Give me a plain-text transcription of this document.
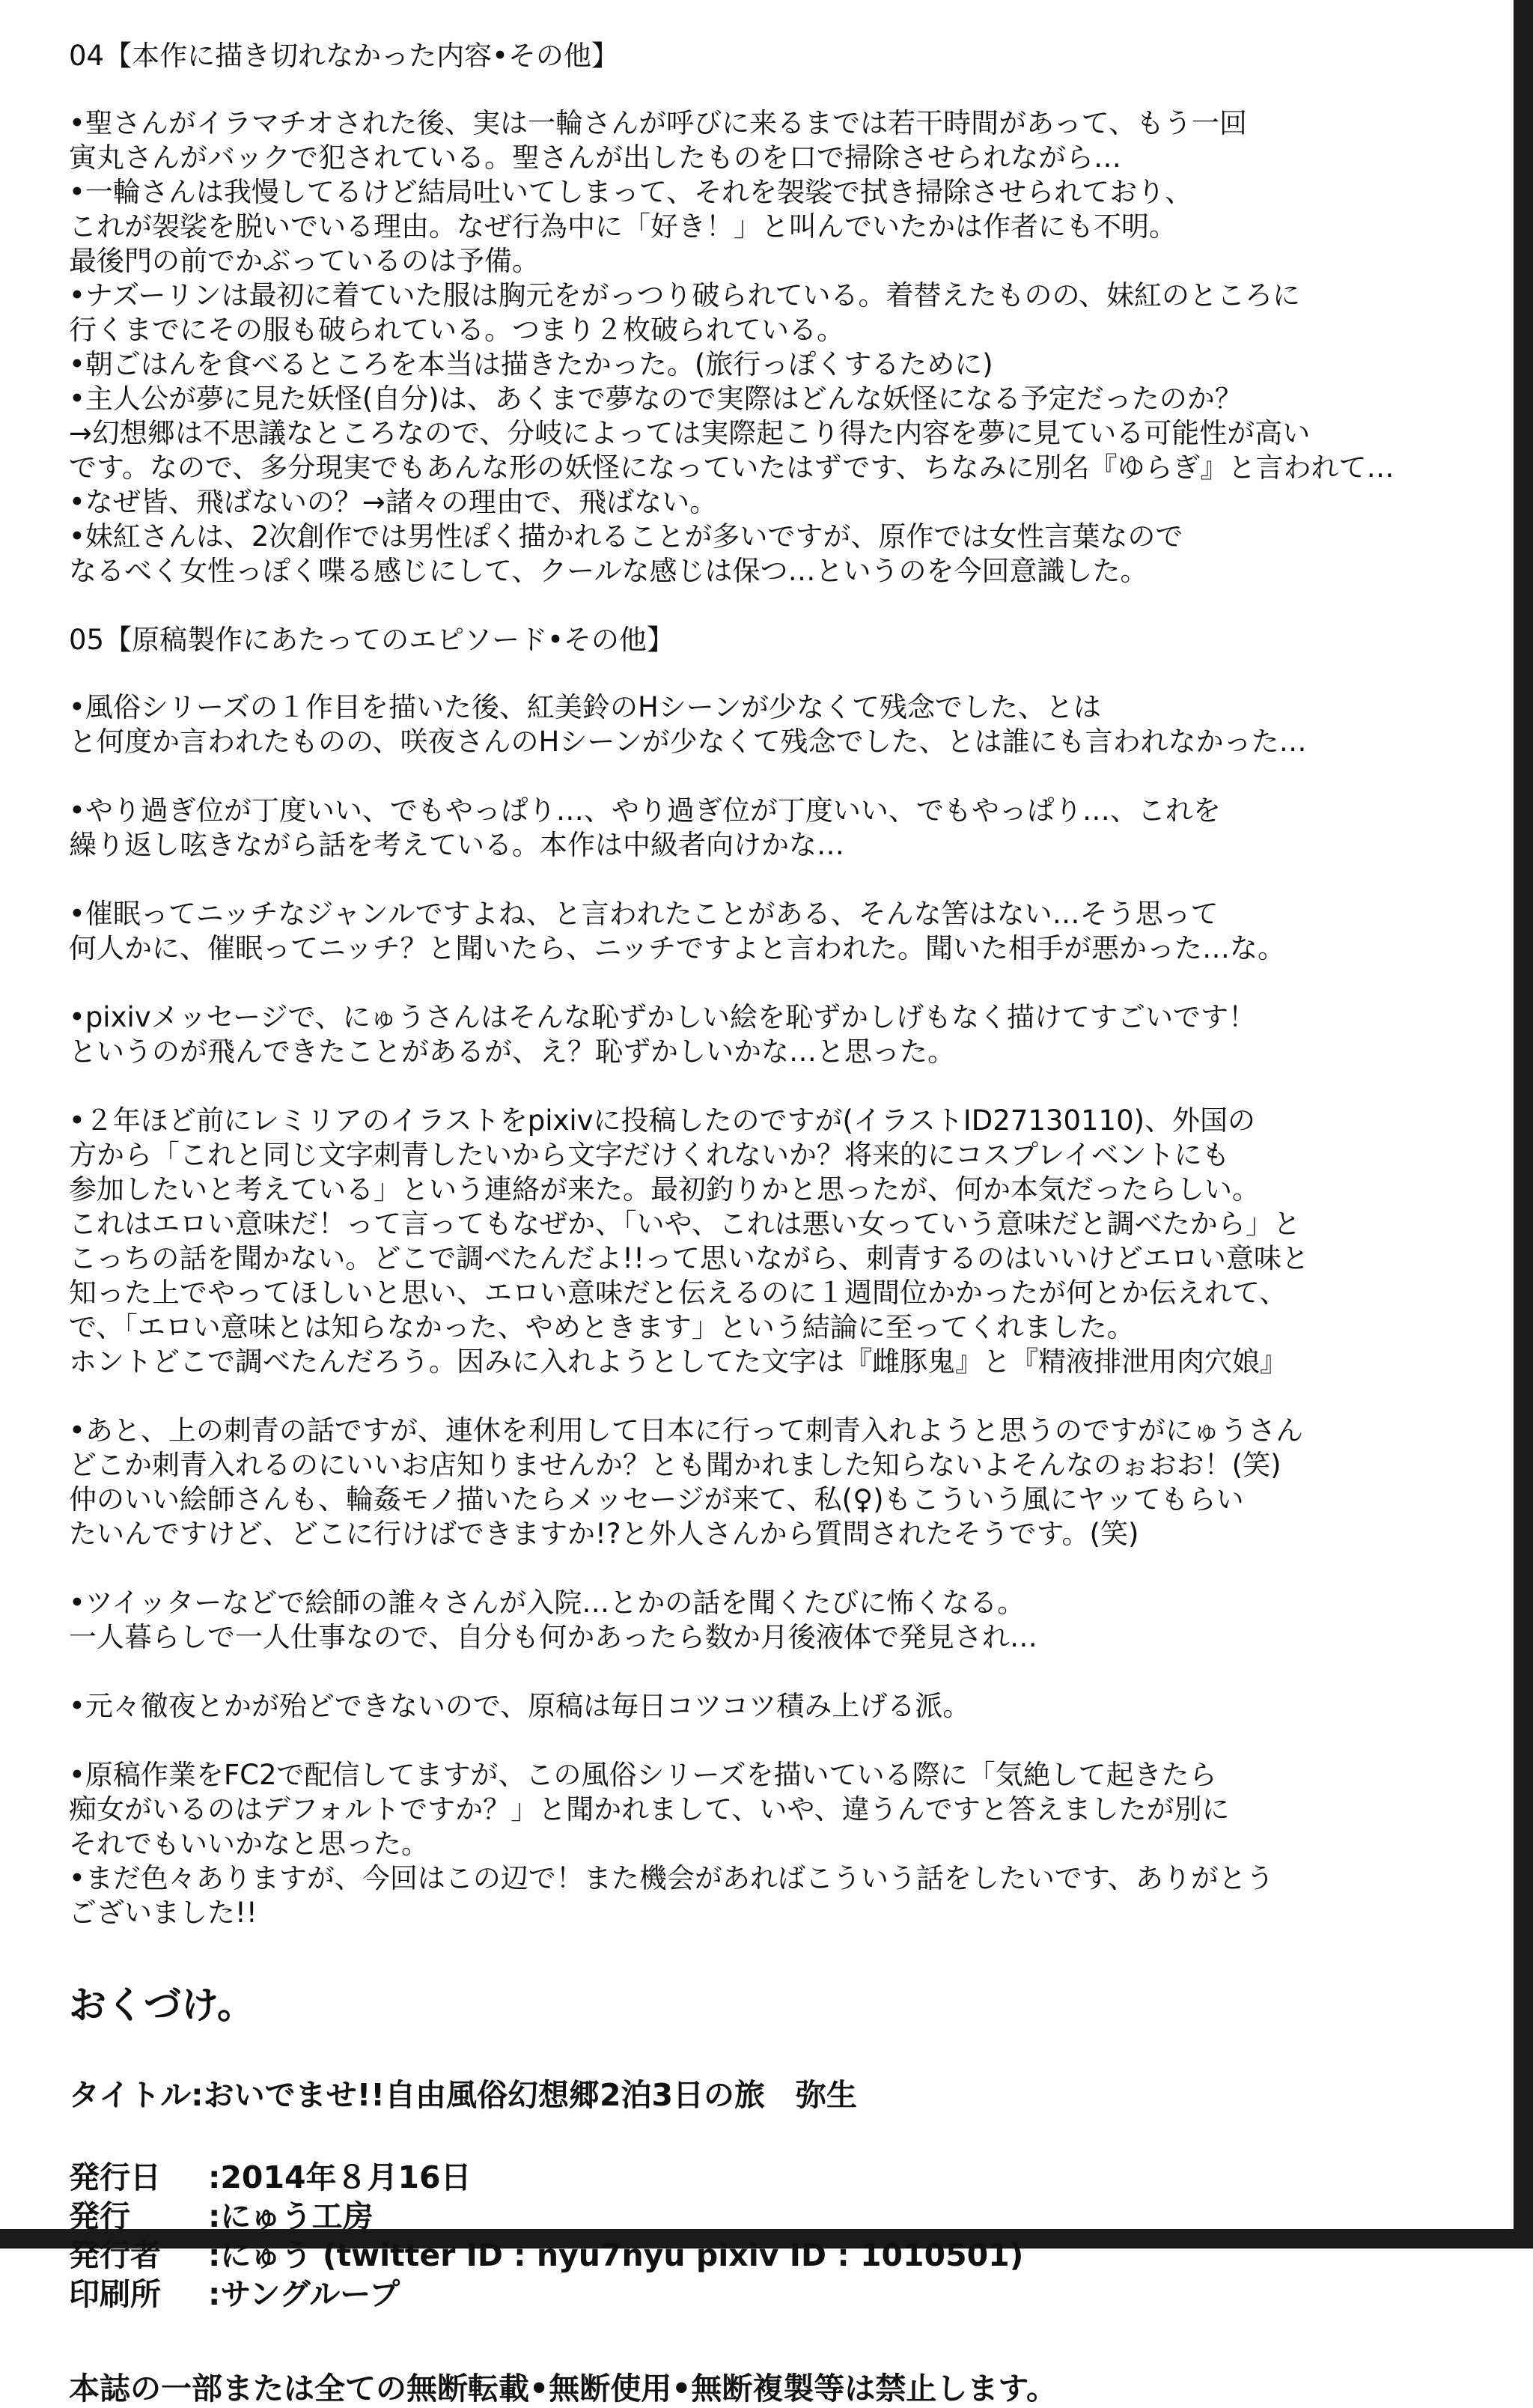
04【本作に描き切れなかった内容•その他】

•聖さんがイラマチオされた後、実は一輪さんが呼びに来るまでは若干時間があって、もう一回

寅丸さんがバックで犯されている。聖さんが出したものを口で掃除させられながら…

•一輪さんは我慢してるけど結局吐いてしまって、それを袈裟で拭き掃除させられており、

これが袈裟を脱いでいる理由。なぜ行為中に「好き！」と叫んでいたかは作者にも不明。

最後門の前でかぶっているのは予備。

•ナズーリンは最初に着ていた服は胸元をがっつり破られている。着替えたものの、妹紅のところに

行くまでにその服も破られている。つまり２枚破られている。

•朝ごはんを食べるところを本当は描きたかった。(旅行っぽくするために)

•主人公が夢に見た妖怪(自分)は、あくまで夢なので実際はどんな妖怪になる予定だったのか？

→幻想郷は不思議なところなので、分岐によっては実際起こり得た内容を夢に見ている可能性が高い

です。なので、多分現実でもあんな形の妖怪になっていたはずです、ちなみに別名『ゆらぎ』と言われて…

•なぜ皆、飛ばないの？→諸々の理由で、飛ばない。

•妹紅さんは、2次創作では男性ぽく描かれることが多いですが、原作では女性言葉なので

なるべく女性っぽく喋る感じにして、クールな感じは保つ…というのを今回意識した。

05【原稿製作にあたってのエピソード•その他】

•風俗シリーズの１作目を描いた後、紅美鈴のHシーンが少なくて残念でした、とは

と何度か言われたものの、咲夜さんのHシーンが少なくて残念でした、とは誰にも言われなかった…

•やり過ぎ位が丁度いい、でもやっぱり…、やり過ぎ位が丁度いい、でもやっぱり…、これを

繰り返し呟きながら話を考えている。本作は中級者向けかな…

•催眠ってニッチなジャンルですよね、と言われたことがある、そんな筈はない…そう思って

何人かに、催眠ってニッチ？と聞いたら、ニッチですよと言われた。聞いた相手が悪かった…な。

•pixivメッセージで、にゅうさんはそんな恥ずかしい絵を恥ずかしげもなく描けてすごいです！

というのが飛んできたことがあるが、え？恥ずかしいかな…と思った。

•２年ほど前にレミリアのイラストをpixivに投稿したのですが(イラストID27130110)、外国の

方から「これと同じ文字刺青したいから文字だけくれないか？将来的にコスプレイベントにも

参加したいと考えている」という連絡が来た。最初釣りかと思ったが、何か本気だったらしい。

これはエロい意味だ！って言ってもなぜか、「いや、これは悪い女っていう意味だと調べたから」と

こっちの話を聞かない。どこで調べたんだよ!!って思いながら、刺青するのはいいけどエロい意味と

知った上でやってほしいと思い、エロい意味だと伝えるのに１週間位かかったが何とか伝えれて、

で、「エロい意味とは知らなかった、やめときます」という結論に至ってくれました。

ホントどこで調べたんだろう。因みに入れようとしてた文字は『雌豚鬼』と『精液排泄用肉穴娘』

•あと、上の刺青の話ですが、連休を利用して日本に行って刺青入れようと思うのですがにゅうさん

どこか刺青入れるのにいいお店知りませんか？とも聞かれました知らないよそんなのぉおお！(笑)

仲のいい絵師さんも、輪姦モノ描いたらメッセージが来て、私(♀)もこういう風にヤッてもらい

たいんですけど、どこに行けばできますか!?と外人さんから質問されたそうです。(笑)

•ツイッターなどで絵師の誰々さんが入院…とかの話を聞くたびに怖くなる。

一人暮らしで一人仕事なので、自分も何かあったら数か月後液体で発見され…

•元々徹夜とかが殆どできないので、原稿は毎日コツコツ積み上げる派。

•原稿作業をFC2で配信してますが、この風俗シリーズを描いている際に「気絶して起きたら

痴女がいるのはデフォルトですか？」と聞かれまして、いや、違うんですと答えましたが別に

それでもいいかなと思った。

•まだ色々ありますが、今回はこの辺で！また機会があればこういう話をしたいです、ありがとう

ございました!!

おくづけ。
タイトル:おいでませ!!自由風俗幻想郷2泊3日の旅　弥生
発行日	:2014年８月16日
発行	:にゅう工房
発行者	:にゅう (twitter ID : nyu7nyu pixiv ID : 1010501)
印刷所	:サングループ
本誌の一部または全ての無断転載•無断使用•無断複製等は禁止します。
